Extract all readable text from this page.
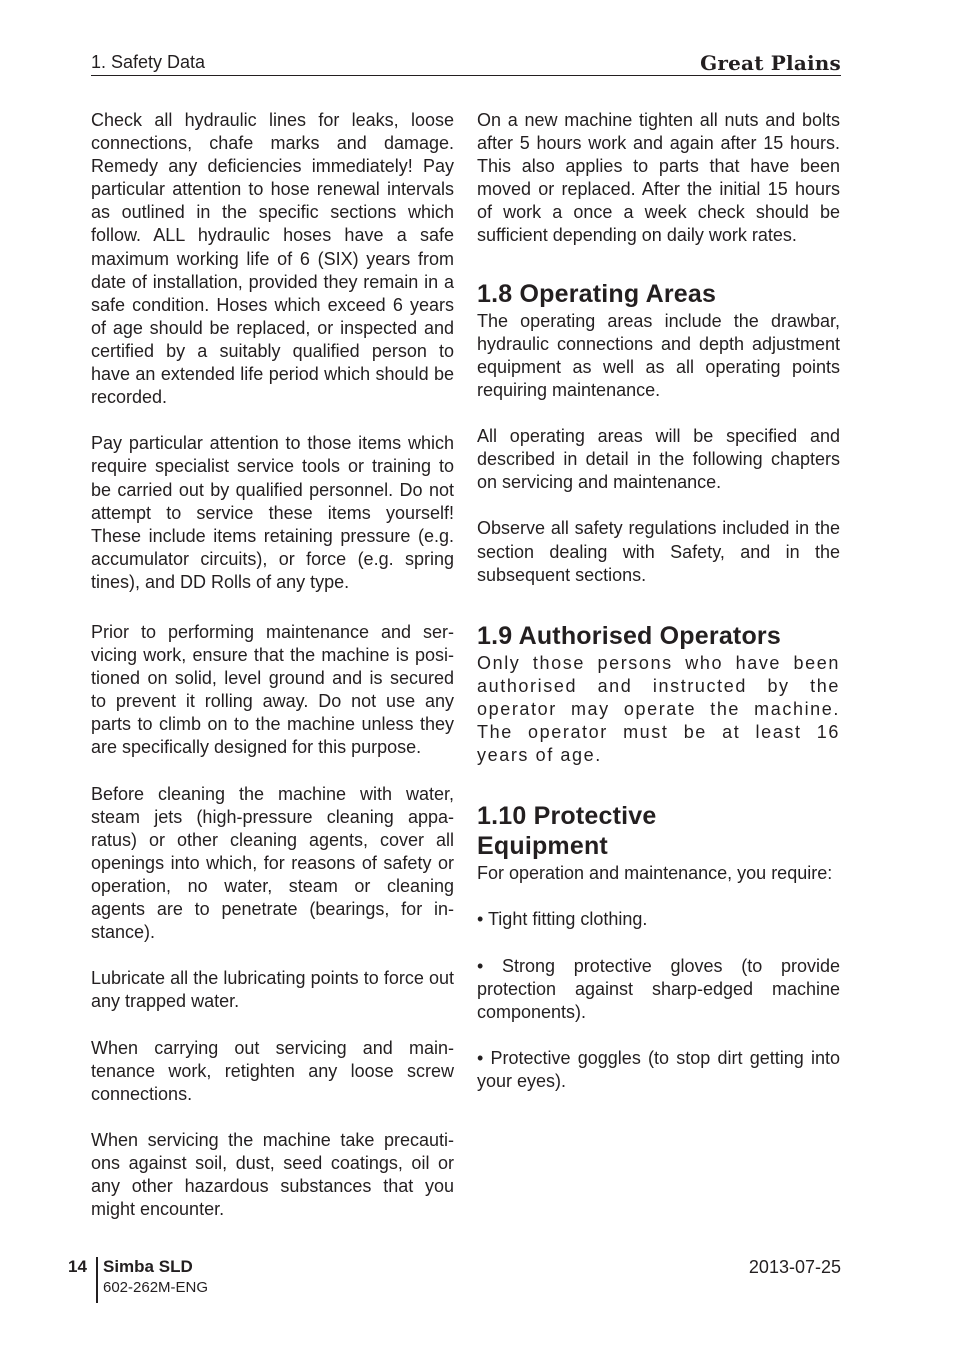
1. Safety Data	Great Plains

Check all hydraulic lines for leaks, loose connections, chafe marks and damage. Remedy any deficiencies immediately! Pay particular attention to hose renewal intervals as outlined in the specific sections which follow. ALL hydraulic hoses have a safe maximum working life of 6 (SIX) years from date of installation, provided they remain in a safe condition. Hoses which exceed 6 years of age should be replaced, or inspected and certified by a suitably qualified person to have an extended life period which should be recorded.

Pay particular attention to those items which require specialist service tools or training to be carried out by qualified personnel. Do not attempt to service these items yourself! These include items retaining pressure (e.g. accumulator circuits), or force (e.g. spring tines), and DD Rolls of any type.

Prior to performing maintenance and servicing work, ensure that the machine is positioned on solid, level ground and is secured to prevent it rolling away. Do not use any parts to climb on to the machine unless they are specifically designed for this purpose.

Before cleaning the machine with water, steam jets (high-pressure cleaning apparatus) or other cleaning agents, cover all openings into which, for reasons of safety or operation, no water, steam or cleaning agents are to penetrate (bearings, for instance).

Lubricate all the lubricating points to force out any trapped water.

When carrying out servicing and maintenance work, retighten any loose screw connections.

When servicing the machine take precautions against soil, dust, seed coatings, oil or any other hazardous substances that you might encounter.

On a new machine tighten all nuts and bolts after 5 hours work and again after 15 hours. This also applies to parts that have been moved or replaced. After the initial 15 hours of work a once a week check should be sufficient depending on daily work rates.

1.8 Operating Areas

The operating areas include the drawbar, hydraulic connections and depth adjustment equipment as well as all operating points requiring maintenance.

All operating areas will be specified and described in detail in the following chapters on servicing and maintenance.

Observe all safety regulations included in the section dealing with Safety, and in the subsequent sections.

1.9 Authorised Operators

Only those persons who have been authorised and instructed by the operator may operate the machine. The operator must be at least 16 years of age.

1.10 Protective
Equipment

For operation and maintenance, you require:

• Tight fitting clothing.

• Strong protective gloves (to provide protection against sharp-edged machine components).

• Protective goggles (to stop dirt getting into your eyes).

14 Simba SLD
602-262M-ENG
2013-07-25
